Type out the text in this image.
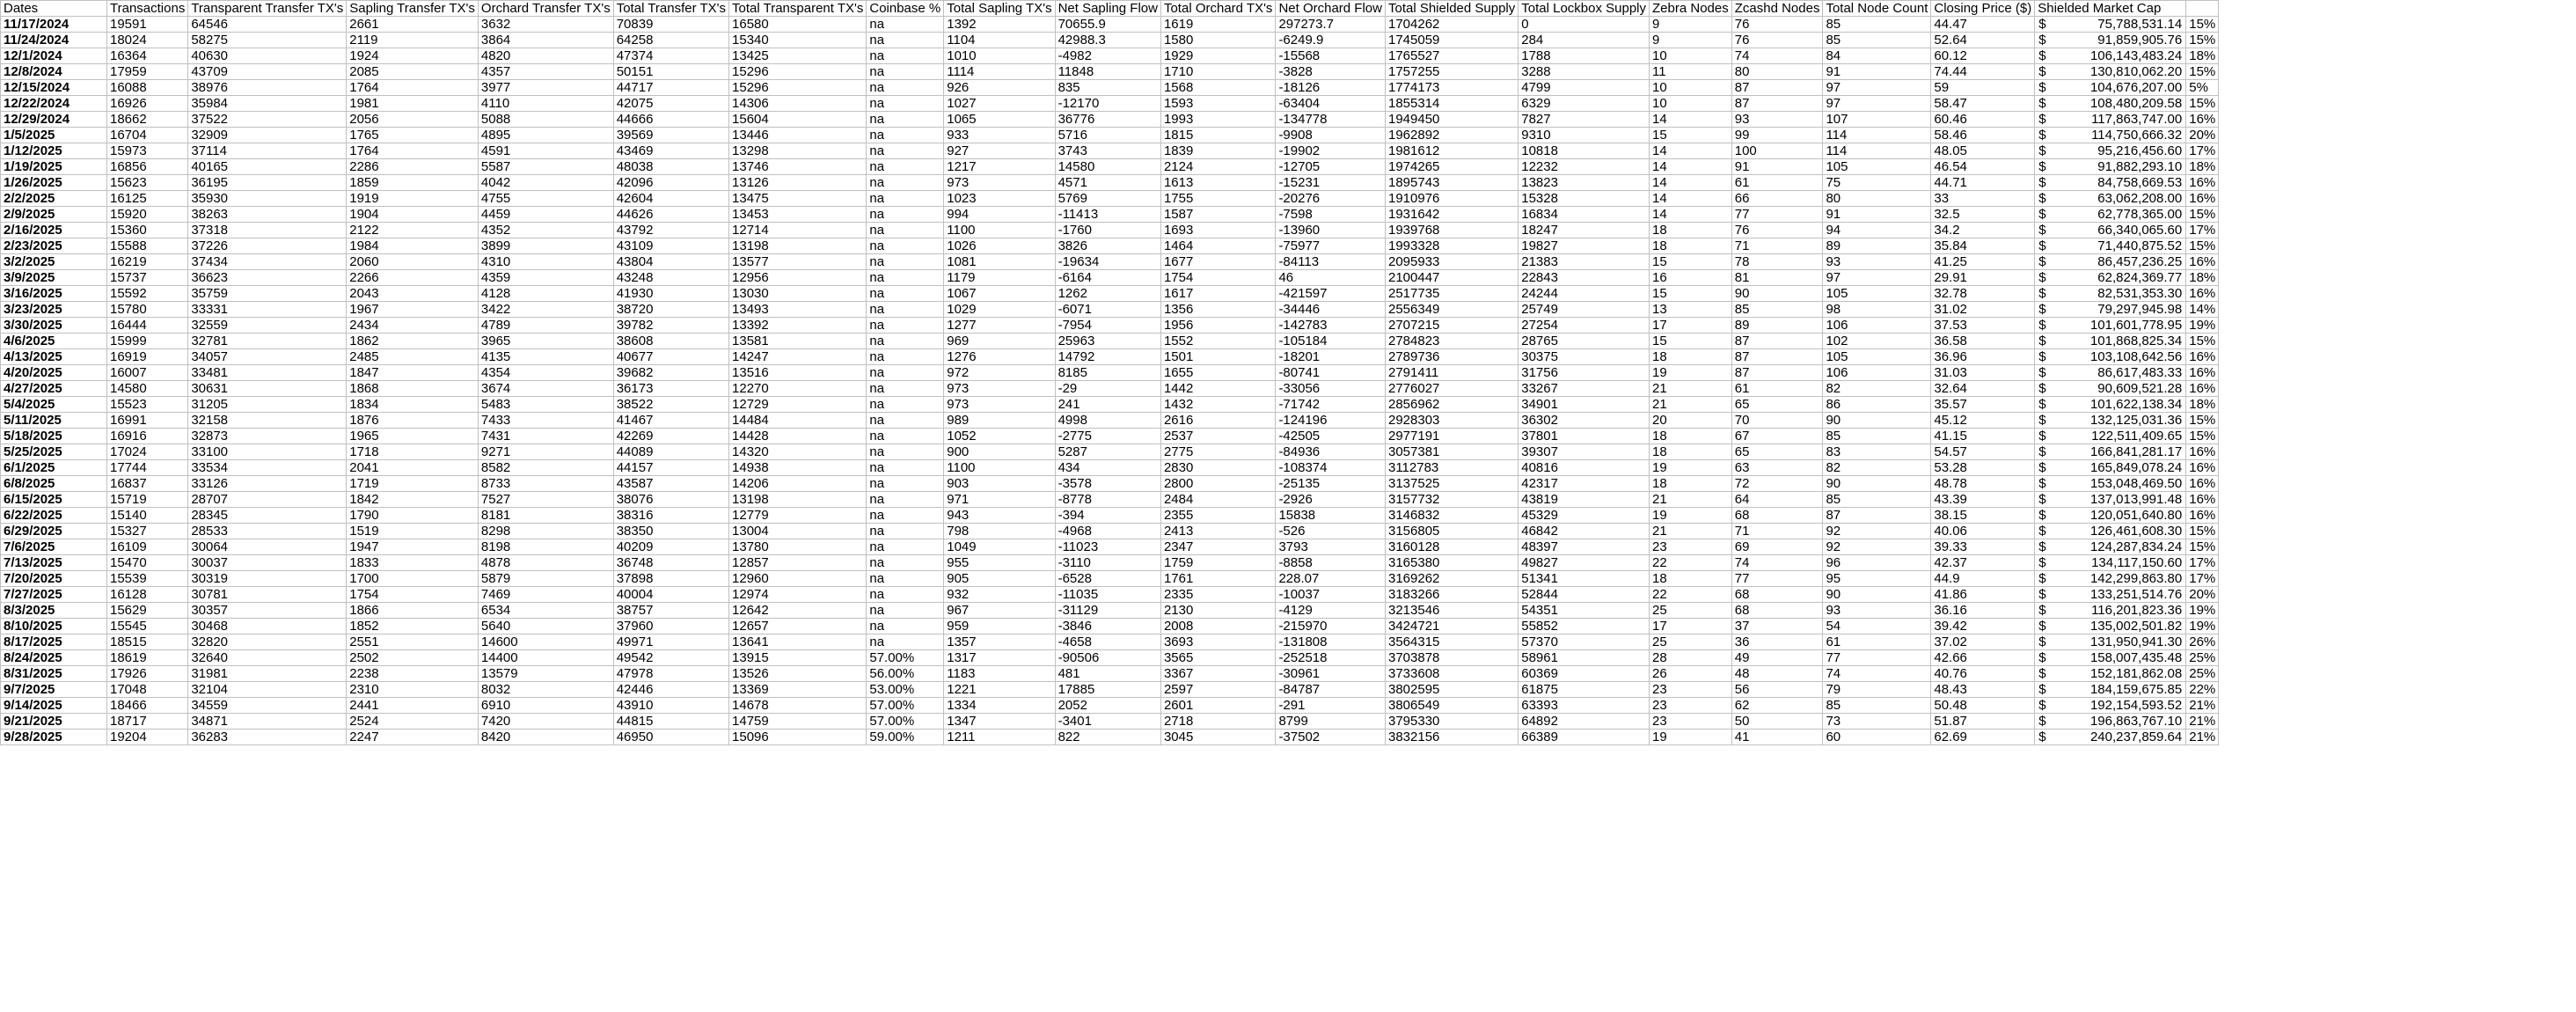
Dates	Transactions	Transparent Transfer TX's	Sapling Transfer TX's	Orchard Transfer TX's	Total Transfer TX's	Total Transparent TX's	Coinbase %	Total Sapling TX's	Net Sapling Flow	Total Orchard TX's	Net Orchard Flow	Total Shielded Supply	Total Lockbox Supply	Zebra Nodes	Zcashd Nodes	Total Node Count	Closing Price ($)	Shielded Market Cap	
11/17/2024	19591	64546	2661	3632	70839	16580	na	1392	70655.9	1619	297273.7	1704262	0	9	76	85	44.47	$ 75,788,531.14	15%
11/24/2024	18024	58275	2119	3864	64258	15340	na	1104	42988.3	1580	-6249.9	1745059	284	9	76	85	52.64	$ 91,859,905.76	15%
12/1/2024	16364	40630	1924	4820	47374	13425	na	1010	-4982	1929	-15568	1765527	1788	10	74	84	60.12	$ 106,143,483.24	18%
12/8/2024	17959	43709	2085	4357	50151	15296	na	1114	11848	1710	-3828	1757255	3288	11	80	91	74.44	$ 130,810,062.20	15%
12/15/2024	16088	38976	1764	3977	44717	15296	na	926	835	1568	-18126	1774173	4799	10	87	97	59	$ 104,676,207.00	5%
12/22/2024	16926	35984	1981	4110	42075	14306	na	1027	-12170	1593	-63404	1855314	6329	10	87	97	58.47	$ 108,480,209.58	15%
12/29/2024	18662	37522	2056	5088	44666	15604	na	1065	36776	1993	-134778	1949450	7827	14	93	107	60.46	$ 117,863,747.00	16%
1/5/2025	16704	32909	1765	4895	39569	13446	na	933	5716	1815	-9908	1962892	9310	15	99	114	58.46	$ 114,750,666.32	20%
1/12/2025	15973	37114	1764	4591	43469	13298	na	927	3743	1839	-19902	1981612	10818	14	100	114	48.05	$ 95,216,456.60	17%
1/19/2025	16856	40165	2286	5587	48038	13746	na	1217	14580	2124	-12705	1974265	12232	14	91	105	46.54	$ 91,882,293.10	18%
1/26/2025	15623	36195	1859	4042	42096	13126	na	973	4571	1613	-15231	1895743	13823	14	61	75	44.71	$ 84,758,669.53	16%
2/2/2025	16125	35930	1919	4755	42604	13475	na	1023	5769	1755	-20276	1910976	15328	14	66	80	33	$ 63,062,208.00	16%
2/9/2025	15920	38263	1904	4459	44626	13453	na	994	-11413	1587	-7598	1931642	16834	14	77	91	32.5	$ 62,778,365.00	15%
2/16/2025	15360	37318	2122	4352	43792	12714	na	1100	-1760	1693	-13960	1939768	18247	18	76	94	34.2	$ 66,340,065.60	17%
2/23/2025	15588	37226	1984	3899	43109	13198	na	1026	3826	1464	-75977	1993328	19827	18	71	89	35.84	$ 71,440,875.52	15%
3/2/2025	16219	37434	2060	4310	43804	13577	na	1081	-19634	1677	-84113	2095933	21383	15	78	93	41.25	$ 86,457,236.25	16%
3/9/2025	15737	36623	2266	4359	43248	12956	na	1179	-6164	1754	46	2100447	22843	16	81	97	29.91	$ 62,824,369.77	18%
3/16/2025	15592	35759	2043	4128	41930	13030	na	1067	1262	1617	-421597	2517735	24244	15	90	105	32.78	$ 82,531,353.30	16%
3/23/2025	15780	33331	1967	3422	38720	13493	na	1029	-6071	1356	-34446	2556349	25749	13	85	98	31.02	$ 79,297,945.98	14%
3/30/2025	16444	32559	2434	4789	39782	13392	na	1277	-7954	1956	-142783	2707215	27254	17	89	106	37.53	$ 101,601,778.95	19%
4/6/2025	15999	32781	1862	3965	38608	13581	na	969	25963	1552	-105184	2784823	28765	15	87	102	36.58	$ 101,868,825.34	15%
4/13/2025	16919	34057	2485	4135	40677	14247	na	1276	14792	1501	-18201	2789736	30375	18	87	105	36.96	$ 103,108,642.56	16%
4/20/2025	16007	33481	1847	4354	39682	13516	na	972	8185	1655	-80741	2791411	31756	19	87	106	31.03	$ 86,617,483.33	16%
4/27/2025	14580	30631	1868	3674	36173	12270	na	973	-29	1442	-33056	2776027	33267	21	61	82	32.64	$ 90,609,521.28	16%
5/4/2025	15523	31205	1834	5483	38522	12729	na	973	241	1432	-71742	2856962	34901	21	65	86	35.57	$ 101,622,138.34	18%
5/11/2025	16991	32158	1876	7433	41467	14484	na	989	4998	2616	-124196	2928303	36302	20	70	90	45.12	$ 132,125,031.36	15%
5/18/2025	16916	32873	1965	7431	42269	14428	na	1052	-2775	2537	-42505	2977191	37801	18	67	85	41.15	$ 122,511,409.65	15%
5/25/2025	17024	33100	1718	9271	44089	14320	na	900	5287	2775	-84936	3057381	39307	18	65	83	54.57	$ 166,841,281.17	16%
6/1/2025	17744	33534	2041	8582	44157	14938	na	1100	434	2830	-108374	3112783	40816	19	63	82	53.28	$ 165,849,078.24	16%
6/8/2025	16837	33126	1719	8733	43587	14206	na	903	-3578	2800	-25135	3137525	42317	18	72	90	48.78	$ 153,048,469.50	16%
6/15/2025	15719	28707	1842	7527	38076	13198	na	971	-8778	2484	-2926	3157732	43819	21	64	85	43.39	$ 137,013,991.48	16%
6/22/2025	15140	28345	1790	8181	38316	12779	na	943	-394	2355	15838	3146832	45329	19	68	87	38.15	$ 120,051,640.80	16%
6/29/2025	15327	28533	1519	8298	38350	13004	na	798	-4968	2413	-526	3156805	46842	21	71	92	40.06	$ 126,461,608.30	15%
7/6/2025	16109	30064	1947	8198	40209	13780	na	1049	-11023	2347	3793	3160128	48397	23	69	92	39.33	$ 124,287,834.24	15%
7/13/2025	15470	30037	1833	4878	36748	12857	na	955	-3110	1759	-8858	3165380	49827	22	74	96	42.37	$ 134,117,150.60	17%
7/20/2025	15539	30319	1700	5879	37898	12960	na	905	-6528	1761	228.07	3169262	51341	18	77	95	44.9	$ 142,299,863.80	17%
7/27/2025	16128	30781	1754	7469	40004	12974	na	932	-11035	2335	-10037	3183266	52844	22	68	90	41.86	$ 133,251,514.76	20%
8/3/2025	15629	30357	1866	6534	38757	12642	na	967	-31129	2130	-4129	3213546	54351	25	68	93	36.16	$ 116,201,823.36	19%
8/10/2025	15545	30468	1852	5640	37960	12657	na	959	-3846	2008	-215970	3424721	55852	17	37	54	39.42	$ 135,002,501.82	19%
8/17/2025	18515	32820	2551	14600	49971	13641	na	1357	-4658	3693	-131808	3564315	57370	25	36	61	37.02	$ 131,950,941.30	26%
8/24/2025	18619	32640	2502	14400	49542	13915	57.00%	1317	-90506	3565	-252518	3703878	58961	28	49	77	42.66	$ 158,007,435.48	25%
8/31/2025	17926	31981	2238	13579	47978	13526	56.00%	1183	481	3367	-30961	3733608	60369	26	48	74	40.76	$ 152,181,862.08	25%
9/7/2025	17048	32104	2310	8032	42446	13369	53.00%	1221	17885	2597	-84787	3802595	61875	23	56	79	48.43	$ 184,159,675.85	22%
9/14/2025	18466	34559	2441	6910	43910	14678	57.00%	1334	2052	2601	-291	3806549	63393	23	62	85	50.48	$ 192,154,593.52	21%
9/21/2025	18717	34871	2524	7420	44815	14759	57.00%	1347	-3401	2718	8799	3795330	64892	23	50	73	51.87	$ 196,863,767.10	21%
9/28/2025	19204	36283	2247	8420	46950	15096	59.00%	1211	822	3045	-37502	3832156	66389	19	41	60	62.69	$ 240,237,859.64	21%
